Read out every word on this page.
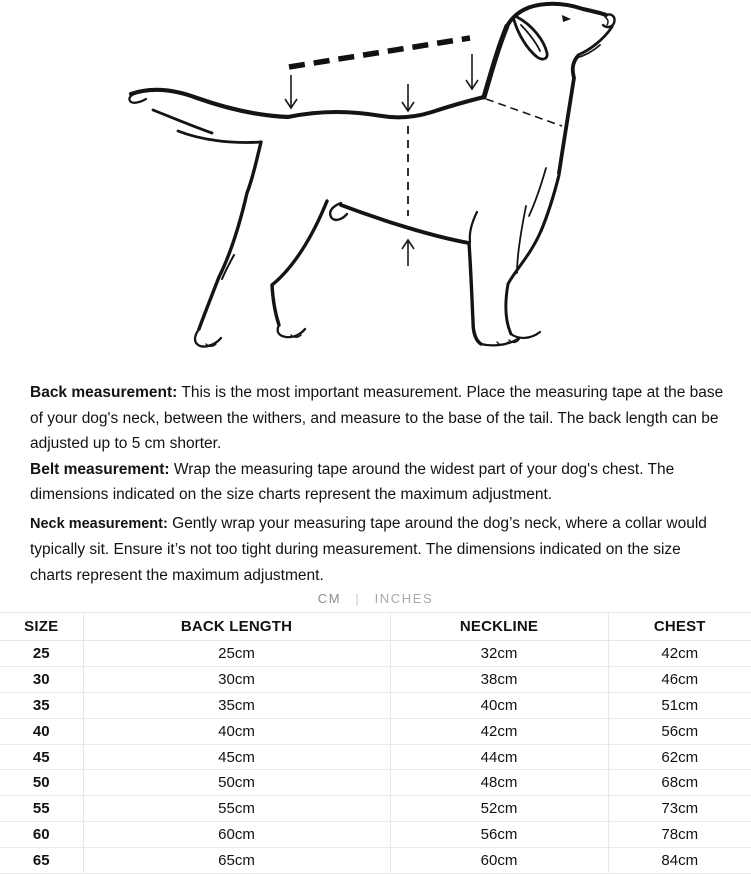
Back measurement: This is the most important measurement. Place the measuring tape at the base of your dog's neck, between the withers, and measure to the base of the tail. The back length can be adjusted up to 5 cm shorter.

Belt measurement: Wrap the measuring tape around the widest part of your dog's chest. The dimensions indicated on the size charts represent the maximum adjustment.

Neck measurement: Gently wrap your measuring tape around the dog’s neck, where a collar would typically sit. Ensure it’s not too tight during measurement. The dimensions indicated on the size charts represent the maximum adjustment.

CM | INCHES
SIZE	BACK LENGTH	NECKLINE	CHEST
25	25cm	32cm	42cm
30	30cm	38cm	46cm
35	35cm	40cm	51cm
40	40cm	42cm	56cm
45	45cm	44cm	62cm
50	50cm	48cm	68cm
55	55cm	52cm	73cm
60	60cm	56cm	78cm
65	65cm	60cm	84cm
